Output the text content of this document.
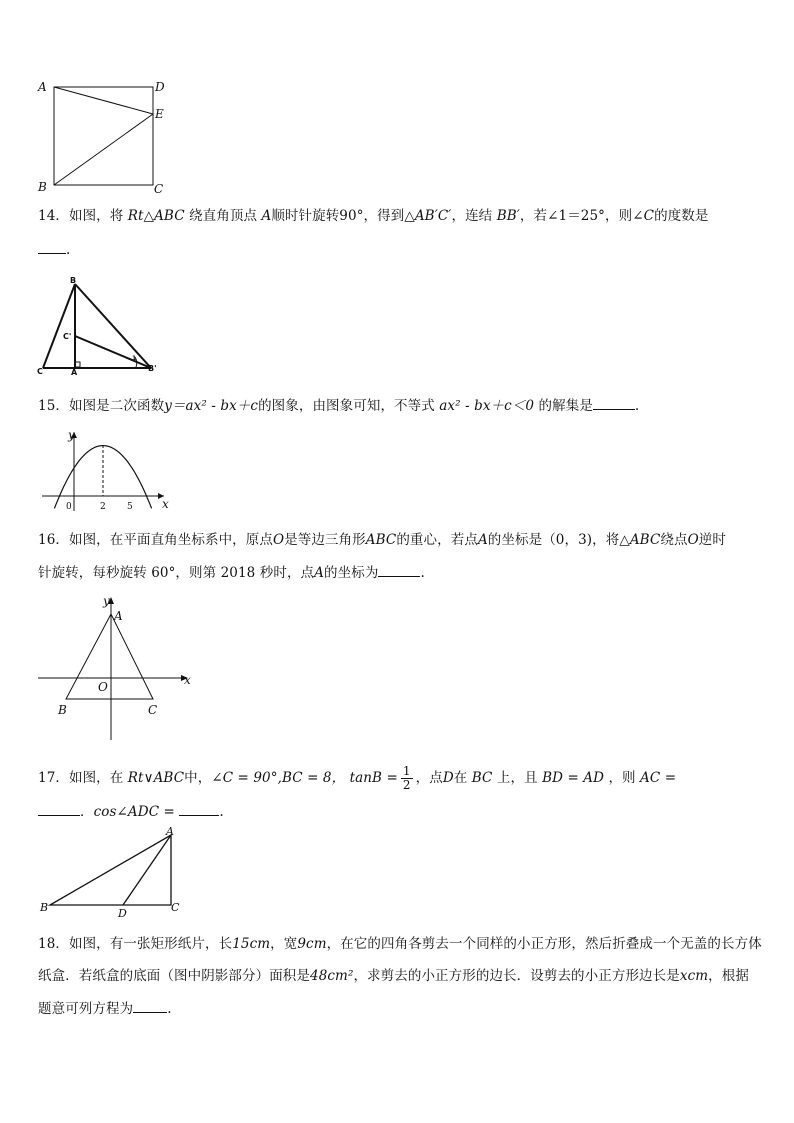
A	D
E
B	C
14．如图，将 Rt△ABC 绕直角顶点 A顺时针旋转90°，得到△AB′C′，连结 BB′，若∠1＝25°，则∠C的度数是
.
B
C'
C	A	B'
1
15．如图是二次函数y＝ax² - bx＋c的图象，由图象可知，不等式 ax² - bx＋c＜0 的解集是	.
y
x
0	2 5
16．如图，在平面直角坐标系中，原点O是等边三角形ABC的重心，若点A的坐标是（0，3)，将△ABC绕点O逆时
针旋转，每秒旋转 60°，则第 2018 秒时，点A的坐标为	.
y
x
A
O
B	C
17．如图，在 Rt∨ABC中，∠C = 90°,BC = 8， $\tan B = \frac{1}{2}$ ，点D在 BC 上，且 BD = AD ，则 AC =
．cos∠ADC =	.
A
B	D	C
18．如图，有一张矩形纸片，长15cm，宽9cm，在它的四角各剪去一个同样的小正方形，然后折叠成一个无盖的长方体
纸盒．若纸盒的底面（图中阴影部分）面积是48cm²，求剪去的小正方形的边长．设剪去的小正方形边长是xcm，根据
题意可列方程为	.
